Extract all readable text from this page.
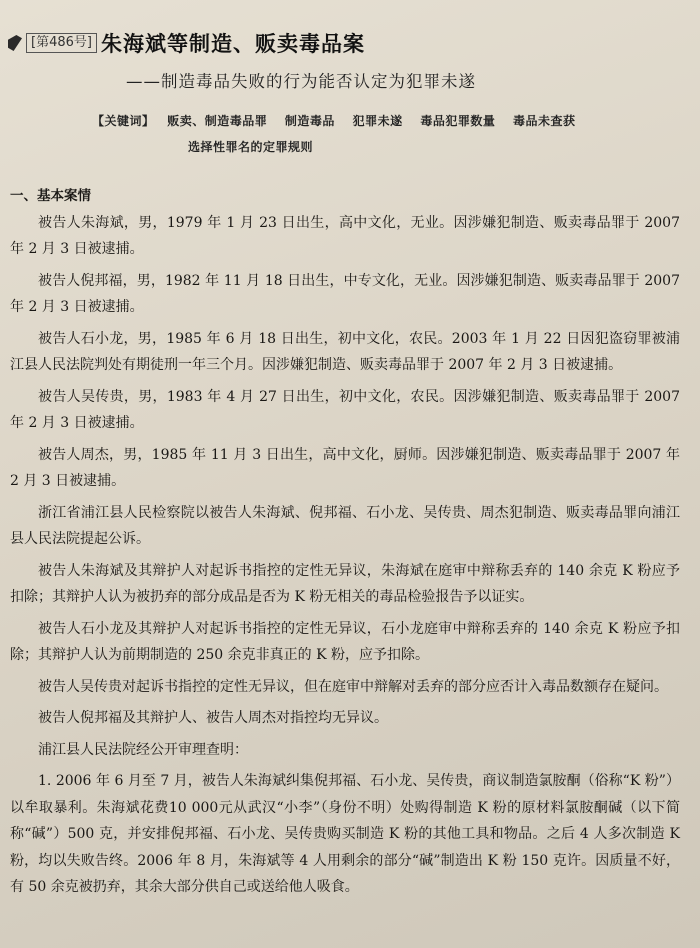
[第486号] 朱海斌等制造、贩卖毒品案
——制造毒品失败的行为能否认定为犯罪未遂
【关键词】 贩卖、制造毒品罪 制造毒品 犯罪未遂 毒品犯罪数量 毒品未查获
选择性罪名的定罪规则
一、基本案情

被告人朱海斌，男，1979 年 1 月 23 日出生，高中文化，无业。因涉嫌犯制造、贩卖毒品罪于 2007 年 2 月 3 日被逮捕。

被告人倪邦福，男，1982 年 11 月 18 日出生，中专文化，无业。因涉嫌犯制造、贩卖毒品罪于 2007 年 2 月 3 日被逮捕。

被告人石小龙，男，1985 年 6 月 18 日出生，初中文化，农民。2003 年 1 月 22 日因犯盗窃罪被浦江县人民法院判处有期徒刑一年三个月。因涉嫌犯制造、贩卖毒品罪于 2007 年 2 月 3 日被逮捕。

被告人吴传贵，男，1983 年 4 月 27 日出生，初中文化，农民。因涉嫌犯制造、贩卖毒品罪于 2007 年 2 月 3 日被逮捕。

被告人周杰，男，1985 年 11 月 3 日出生，高中文化，厨师。因涉嫌犯制造、贩卖毒品罪于 2007 年 2 月 3 日被逮捕。

浙江省浦江县人民检察院以被告人朱海斌、倪邦福、石小龙、吴传贵、周杰犯制造、贩卖毒品罪向浦江县人民法院提起公诉。

被告人朱海斌及其辩护人对起诉书指控的定性无异议，朱海斌在庭审中辩称丢弃的 140 余克 K 粉应予扣除；其辩护人认为被扔弃的部分成品是否为 K 粉无相关的毒品检验报告予以证实。

被告人石小龙及其辩护人对起诉书指控的定性无异议，石小龙庭审中辩称丢弃的 140 余克 K 粉应予扣除；其辩护人认为前期制造的 250 余克非真正的 K 粉，应予扣除。

被告人吴传贵对起诉书指控的定性无异议，但在庭审中辩解对丢弃的部分应否计入毒品数额存在疑问。

被告人倪邦福及其辩护人、被告人周杰对指控均无异议。

浦江县人民法院经公开审理查明：

1. 2006 年 6 月至 7 月，被告人朱海斌纠集倪邦福、石小龙、吴传贵，商议制造氯胺酮（俗称“K 粉”）以牟取暴利。朱海斌花费10 000元从武汉“小李”（身份不明）处购得制造 K 粉的原材料氯胺酮碱（以下简称“碱”）500 克，并安排倪邦福、石小龙、吴传贵购买制造 K 粉的其他工具和物品。之后 4 人多次制造 K 粉，均以失败告终。2006 年 8 月，朱海斌等 4 人用剩余的部分“碱”制造出 K 粉 150 克许。因质量不好，有 50 余克被扔弃，其余大部分供自己或送给他人吸食。
